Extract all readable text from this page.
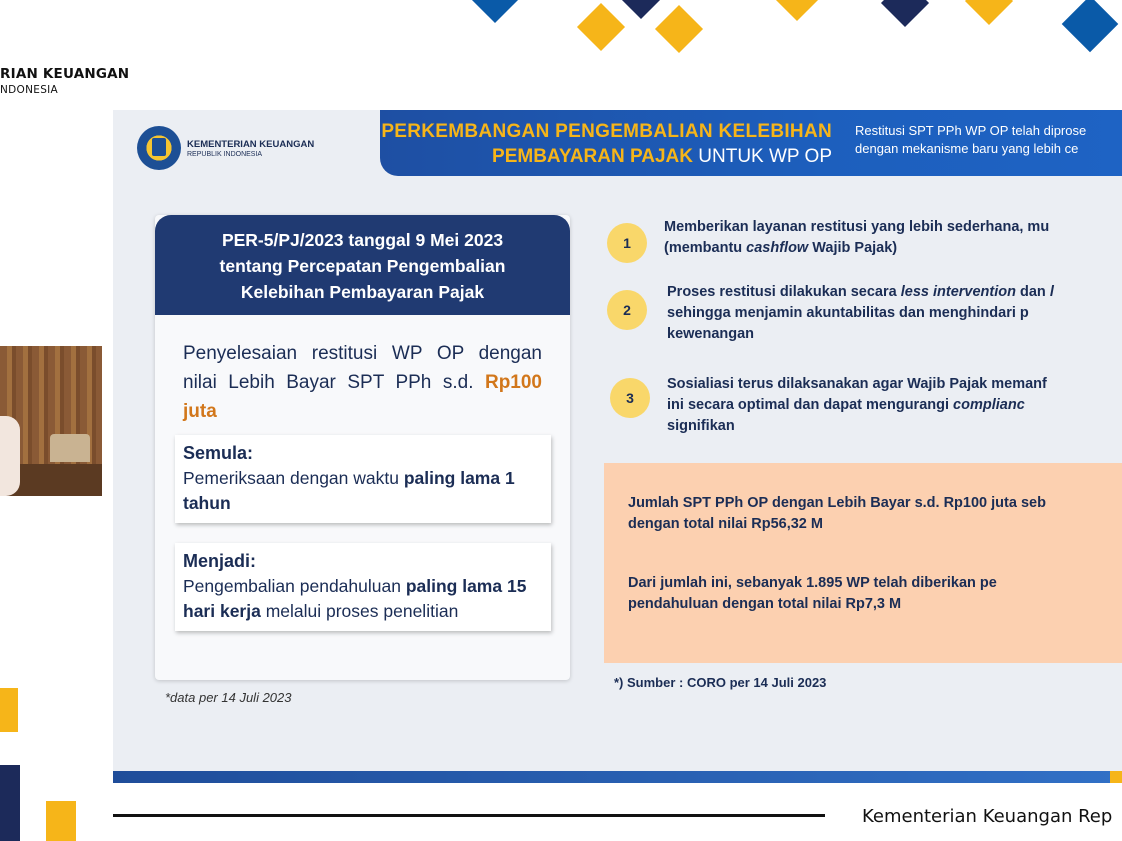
RIAN KEUANGAN
NDONESIA
KEMENTERIAN KEUANGAN
REPUBLIK INDONESIA
PERKEMBANGAN PENGEMBALIAN KELEBIHAN
PEMBAYARAN PAJAK UNTUK WP OP
Restitusi SPT PPh WP OP telah diprose
dengan mekanisme baru yang lebih ce
PER-5/PJ/2023 tanggal 9 Mei 2023
tentang Percepatan Pengembalian
Kelebihan Pembayaran Pajak
Penyelesaian restitusi WP OP dengan nilai Lebih Bayar SPT PPh s.d. Rp100 juta
Semula:
Pemeriksaan dengan waktu paling lama 1 tahun
Menjadi:
Pengembalian pendahuluan paling lama 15 hari kerja melalui proses penelitian
*data per 14 Juli 2023
1
Memberikan layanan restitusi yang lebih sederhana, mu
(membantu cashflow Wajib Pajak)
2
Proses restitusi dilakukan secara less intervention dan l
sehingga menjamin akuntabilitas dan menghindari p
kewenangan
3
Sosialiasi terus dilaksanakan agar Wajib Pajak memanf
ini secara optimal dan dapat mengurangi complianc
signifikan
Jumlah SPT PPh OP dengan Lebih Bayar s.d. Rp100 juta seb
dengan total nilai Rp56,32 M
Dari jumlah ini, sebanyak 1.895 WP telah diberikan pe
pendahuluan dengan total nilai Rp7,3 M
*) Sumber : CORO per 14 Juli 2023
Kementerian Keuangan Rep
